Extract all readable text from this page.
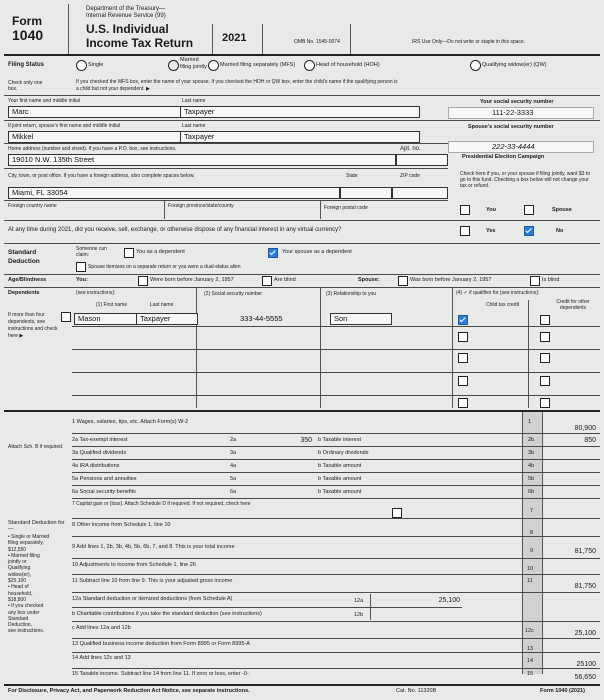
Form
1040
Department of the Treasury—
Internal Revenue Service (99)
U.S. Individual
Income Tax Return	2021	OMB No. 1545-0074	IRS Use Only—Do not write or staple in this space.
Filing Status	Single
Married filing jointly Married filing separately (MFS)	Head of household (HOH)	Qualifying widow(er) (QW)
Check only one box.
If you checked the MFS box, enter the name of your spouse. If you checked the HOH or QW box, enter the child's name if the qualifying person is
a child but not your dependent. ▶
Your first name and middle initial	Last name	Your social security number
Marc	Taxpayer	111-22-3333
If joint return, spouse's first name and middle initial	Last name	Spouse's social security number
Mikkel	Taxpayer
222-33-4444
Home address (number and street). If you have a P.O. box, see instructions.	Apt. no.
Presidential Election Campaign
19010 N.W. 135th Street
City, town, or post office. If you have a foreign address, also complete spaces below.	State	ZIP code	Check here if you, or your spouse if filing jointly, want $3 to go to this fund. Checking a box below will not change your tax or refund.
Miami, FL 33054
Foreign country name	Foreign province/state/county	Foreign postal code	You	Spouse
At any time during 2021, did you receive, sell, exchange, or otherwise dispose of any financial interest in any virtual currency?	Yes	No
Standard
Deduction
Someone can claim:	You as a dependent	Your spouse as a dependent
Spouse itemizes on a separate return or you were a dual-status alien
Age/Blindness	You:	Were born before January 2, 1957	Are blind	Spouse:	Was born before January 2, 1957	Is blind
Dependents	(see instructions):	(2) Social security number	(3) Relationship to you	(4) ✓ if qualifies for (see instructions):
(1) First name	Last name	Child tax credit	Credit for other dependents
If more than four dependents, see instructions and check here ▶
Mason	Taxpayer	333-44-5555	Son
Attach Sch. B if required.
1 Wages, salaries, tips, etc. Attach Form(s) W-2	1
80,900
2a Tax-exempt interest	2a	350 b Taxable interest	2b	850
3a Qualified dividends	3a	b Ordinary dividends	3b
4a IRA distributions	4a	b Taxable amount	4b
5a Pensions and annuities	5a	b Taxable amount	5b
6a Social security benefits	6a	b Taxable amount	6b
7 Capital gain or (loss). Attach Schedule D if required. If not required, check here
7
8 Other income from Schedule 1, line 10
8
9 Add lines 1, 2b, 3b, 4b, 5b, 6b, 7, and 8. This is your total income
9	81,750
10 Adjustments to income from Schedule 1, line 26
10
11 Subtract line 10 from line 9. This is your adjusted gross income	11
81,750
12a Standard deduction or itemized deductions (from Schedule A)	12a	25,100
b Charitable contributions if you take the standard deduction (see instructions)	12b
c Add lines 12a and 12b	12c	25,100
13 Qualified business income deduction from Form 8995 or Form 8995-A
13
14 Add lines 12c and 13	14	25100
15 Taxable income. Subtract line 14 from line 11. If zero or less, enter -0-	15	56,650
Standard Deduction for—
• Single or Married
filing separately,
$12,550
• Married filing
jointly or
Qualifying
widow(er),
$25,100
• Head of
household,
$18,800
• If you checked
any box under
Standard
Deduction,
see instructions.
For Disclosure, Privacy Act, and Paperwork Reduction Act Notice, see separate instructions.	Cat. No. 11320B	Form 1040 (2021)
